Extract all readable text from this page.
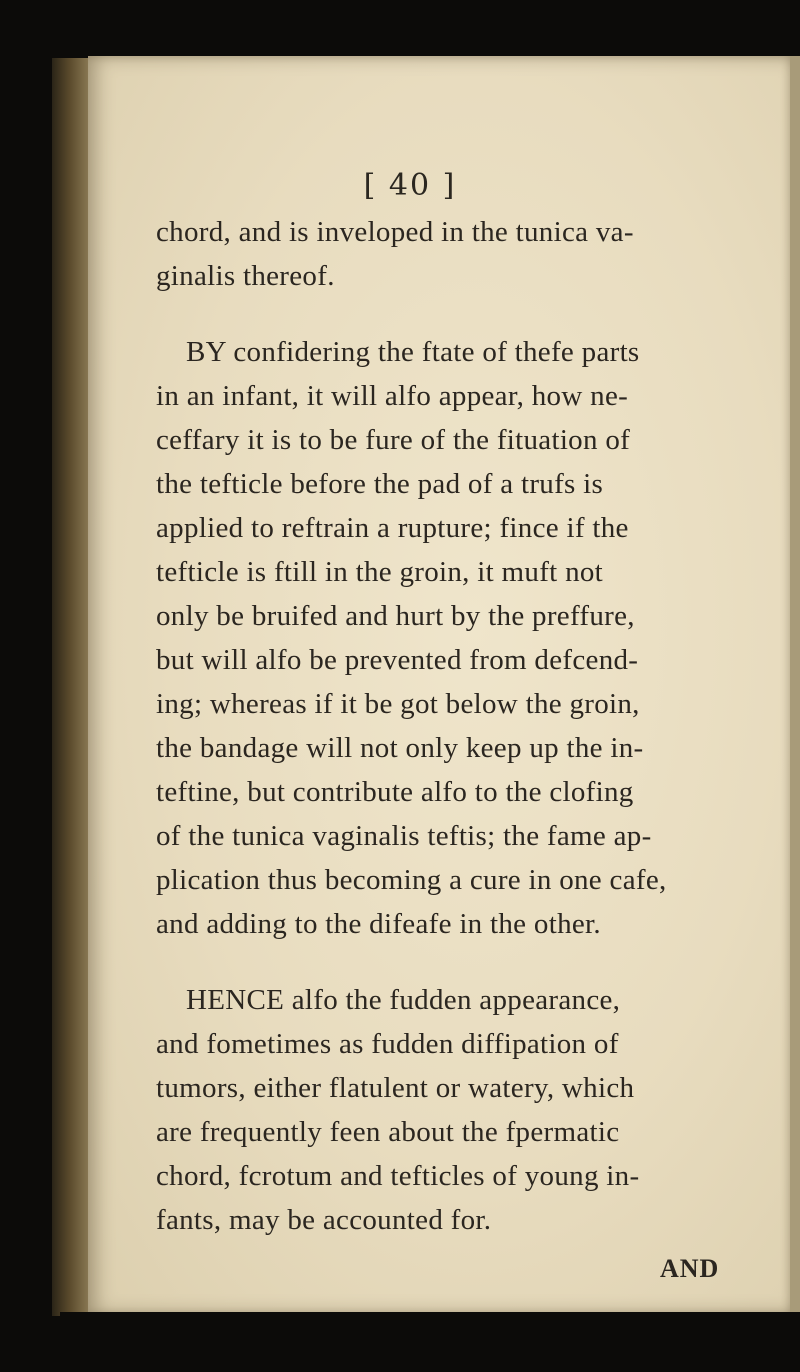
[ 40 ]
chord, and is inveloped in the tunica va-
ginalis thereof.
BY confidering the ftate of thefe parts
in an infant, it will alfo appear, how ne-
ceffary it is to be fure of the fituation of
the tefticle before the pad of a trufs is
applied to reftrain a rupture; fince if the
tefticle is ftill in the groin, it muft not
only be bruifed and hurt by the preffure,
but will alfo be prevented from defcend-
ing; whereas if it be got below the groin,
the bandage will not only keep up the in-
teftine, but contribute alfo to the clofing
of the tunica vaginalis teftis; the fame ap-
plication thus becoming a cure in one cafe,
and adding to the difeafe in the other.
HENCE alfo the fudden appearance,
and fometimes as fudden diffipation of
tumors, either flatulent or watery, which
are frequently feen about the fpermatic
chord, fcrotum and tefticles of young in-
fants, may be accounted for.
AND
